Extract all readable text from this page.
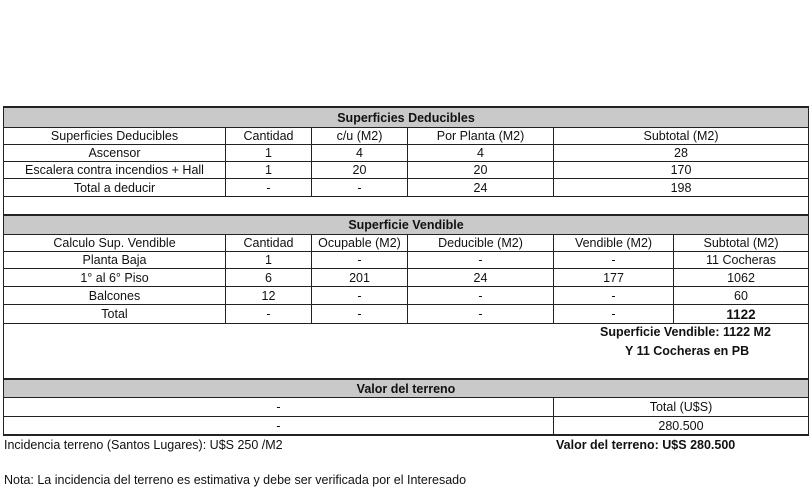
Superficies Deducibles
Superficies Deducibles	Cantidad	c/u (M2)	Por Planta (M2)	Subtotal (M2)
Ascensor	1	4	4	28
Escalera contra incendios + Hall	1	20	20	170
Total a deducir	-	-	24	198
Superficie Vendible
Calculo Sup. Vendible	Cantidad	Ocupable (M2)	Deducible (M2)	Vendible (M2)	Subtotal (M2)
Planta Baja	1	-	-	-	11 Cocheras
1° al 6° Piso	6	201	24	177	1062
Balcones	12	-	-	-	60
Total	-	-	-	-	1122
Superficie Vendible: 1122 M2
Y 11 Cocheras en PB
Valor del terreno
-	Total (U$S)
-	280.500
Incidencia terreno (Santos Lugares): U$S 250 /M2	Valor del terreno: U$S 280.500
Nota: La incidencia del terreno es estimativa y debe ser verificada por el Interesado
